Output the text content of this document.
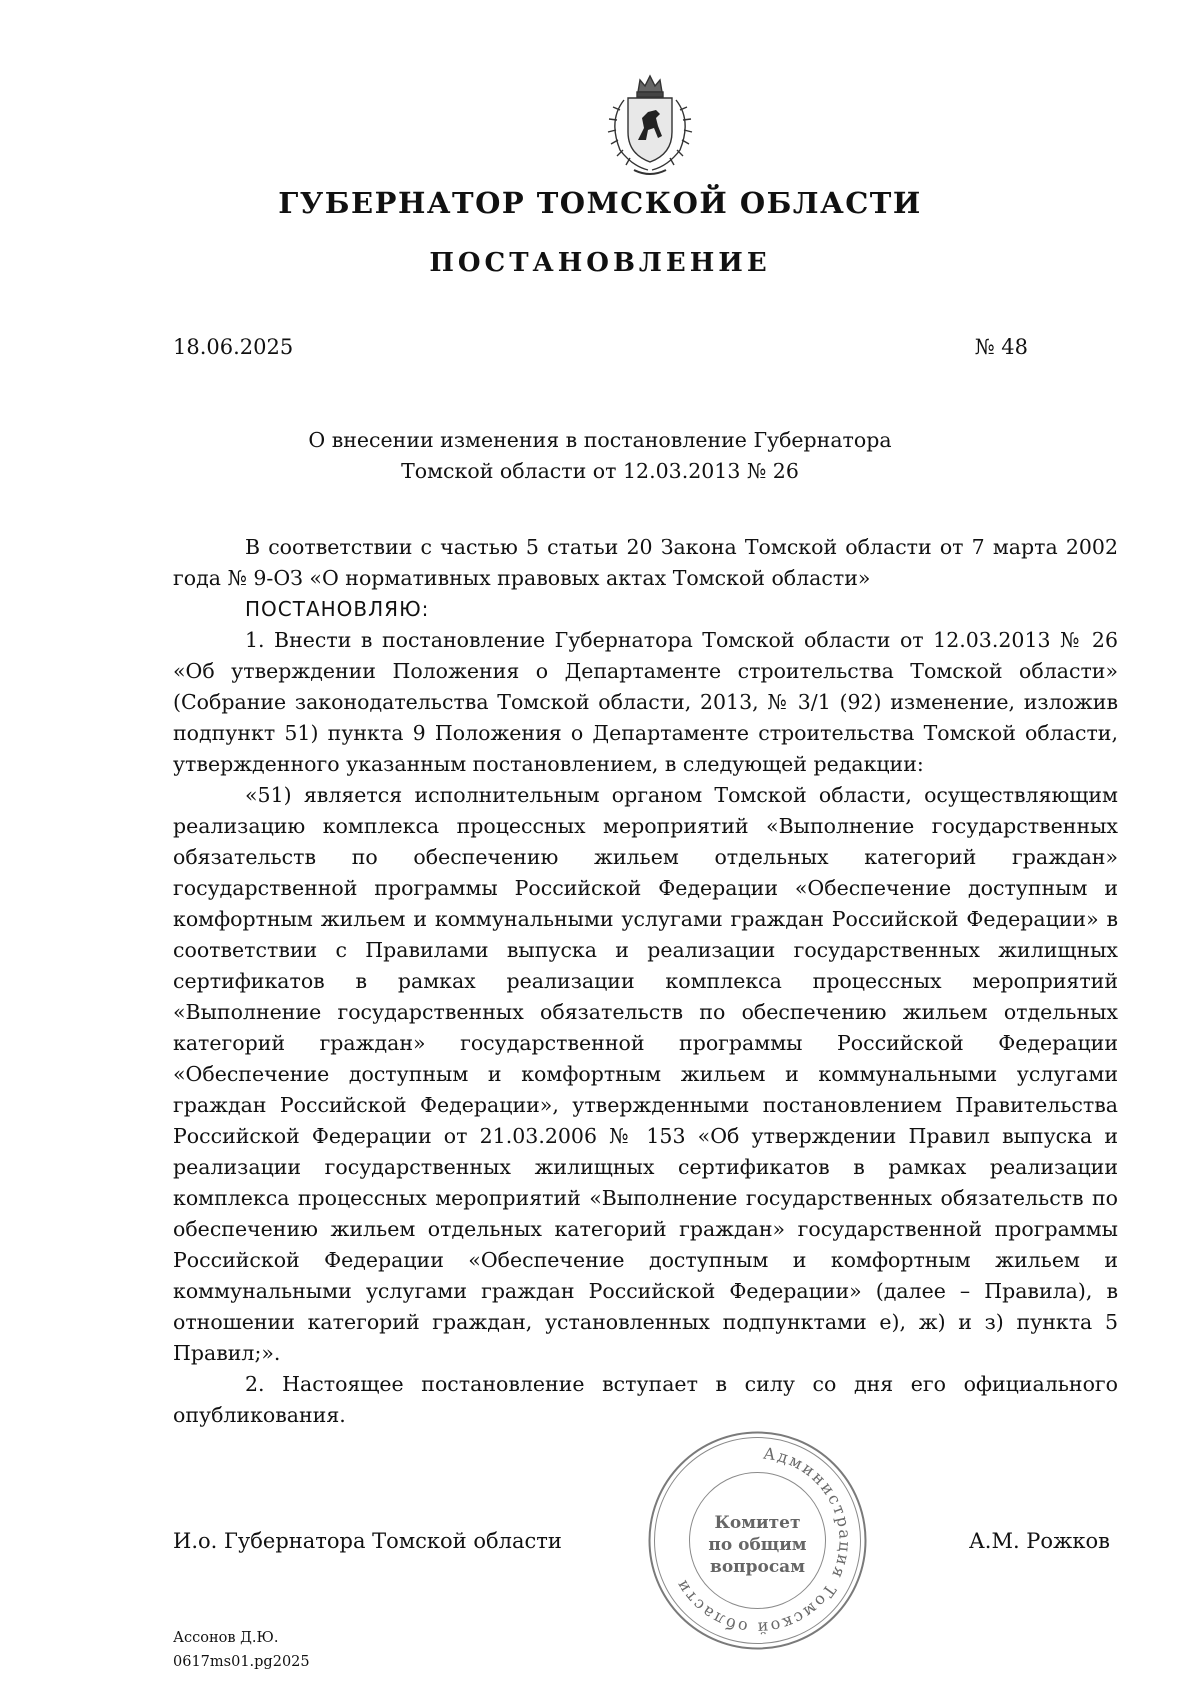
ГУБЕРНАТОР ТОМСКОЙ ОБЛАСТИ
ПОСТАНОВЛЕНИЕ
18.06.2025	№ 48
О внесении изменения в постановление Губернатора
Томской области от 12.03.2013 № 26

В соответствии с частью 5 статьи 20 Закона Томской области от 7 марта 2002 года № 9-ОЗ «О нормативных правовых актах Томской области»

ПОСТАНОВЛЯЮ:

1. Внести в постановление Губернатора Томской области от 12.03.2013 № 26 «Об утверждении Положения о Департаменте строительства Томской области» (Собрание законодательства Томской области, 2013, № 3/1 (92) изменение, изложив подпункт 51) пункта 9 Положения о Департаменте строительства Томской области, утвержденного указанным постановлением, в следующей редакции:

«51) является исполнительным органом Томской области, осуществляющим реализацию комплекса процессных мероприятий «Выполнение государственных обязательств по обеспечению жильем отдельных категорий граждан» государственной программы Российской Федерации «Обеспечение доступным и комфортным жильем и коммунальными услугами граждан Российской Федерации» в соответствии с Правилами выпуска и реализации государственных жилищных сертификатов в рамках реализации комплекса процессных мероприятий «Выполнение государственных обязательств по обеспечению жильем отдельных категорий граждан» государственной программы Российской Федерации «Обеспечение доступным и комфортным жильем и коммунальными услугами граждан Российской Федерации», утвержденными постановлением Правительства Российской Федерации от 21.03.2006 № 153 «Об утверждении Правил выпуска и реализации государственных жилищных сертификатов в рамках реализации комплекса процессных мероприятий «Выполнение государственных обязательств по обеспечению жильем отдельных категорий граждан» государственной программы Российской Федерации «Обеспечение доступным и комфортным жильем и коммунальными услугами граждан Российской Федерации» (далее – Правила), в отношении категорий граждан, установленных подпунктами е), ж) и з) пункта 5 Правил;».

2. Настоящее постановление вступает в силу со дня его официального опубликования.

И.о. Губернатора Томской области
Администрация Томской области
Комитет
по общим
вопросам
А.М. Рожков
Ассонов Д.Ю.
0617ms01.pg2025
